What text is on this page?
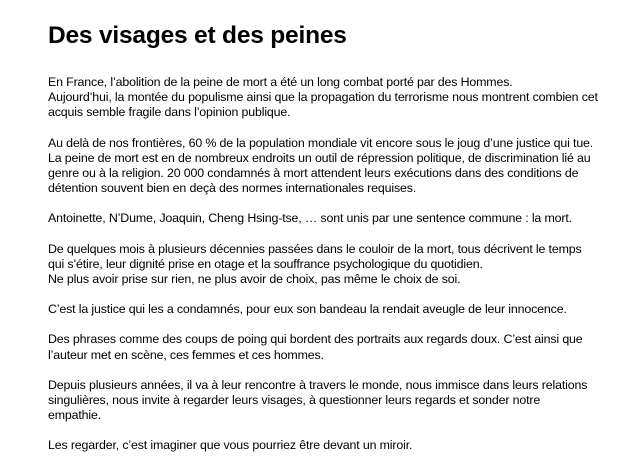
Des visages et des peines

En France, l’abolition de la peine de mort a été un long combat porté par des Hommes.
Aujourd’hui, la montée du populisme ainsi que la propagation du terrorisme nous montrent combien cet
acquis semble fragile dans l’opinion publique.

Au delà de nos frontières, 60 % de la population mondiale vit encore sous le joug d’une justice qui tue.
La peine de mort est en de nombreux endroits un outil de répression politique, de discrimination lié au
genre ou à la religion. 20 000 condamnés à mort attendent leurs exécutions dans des conditions de
détention souvent bien en deçà des normes internationales requises.

Antoinette, N’Dume, Joaquin, Cheng Hsing-tse, … sont unis par une sentence commune : la mort.

De quelques mois à plusieurs décennies passées dans le couloir de la mort, tous décrivent le temps
qui s’étire, leur dignité prise en otage et la souffrance psychologique du quotidien.
Ne plus avoir prise sur rien, ne plus avoir de choix, pas même le choix de soi.

C’est la justice qui les a condamnés, pour eux son bandeau la rendait aveugle de leur innocence.

Des phrases comme des coups de poing qui bordent des portraits aux regards doux. C’est ainsi que
l’auteur met en scène, ces femmes et ces hommes.

Depuis plusieurs années, il va à leur rencontre à travers le monde, nous immisce dans leurs relations
singulières, nous invite à regarder leurs visages, à questionner leurs regards et sonder notre
empathie.

Les regarder, c’est imaginer que vous pourriez être devant un miroir.
